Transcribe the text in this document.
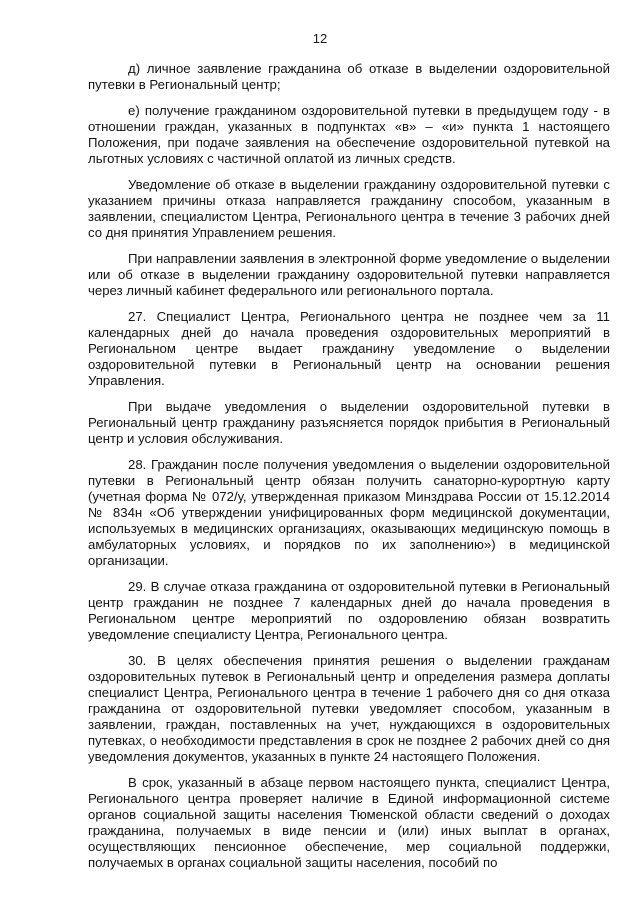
12

д) личное заявление гражданина об отказе в выделении оздоровительной путевки в Региональный центр;

е) получение гражданином оздоровительной путевки в предыдущем году - в отношении граждан, указанных в подпунктах «в» – «и» пункта 1 настоящего Положения, при подаче заявления на обеспечение оздоровительной путевкой на льготных условиях с частичной оплатой из личных средств.

Уведомление об отказе в выделении гражданину оздоровительной путевки с указанием причины отказа направляется гражданину способом, указанным в заявлении, специалистом Центра, Регионального центра в течение 3 рабочих дней со дня принятия Управлением решения.

При направлении заявления в электронной форме уведомление о выделении или об отказе в выделении гражданину оздоровительной путевки направляется через личный кабинет федерального или регионального портала.

27. Специалист Центра, Регионального центра не позднее чем за 11 календарных дней до начала проведения оздоровительных мероприятий в Региональном центре выдает гражданину уведомление о выделении оздоровительной путевки в Региональный центр на основании решения Управления.

При выдаче уведомления о выделении оздоровительной путевки в Региональный центр гражданину разъясняется порядок прибытия в Региональный центр и условия обслуживания.

28. Гражданин после получения уведомления о выделении оздоровительной путевки в Региональный центр обязан получить санаторно-курортную карту (учетная форма № 072/у, утвержденная приказом Минздрава России от 15.12.2014 № 834н «Об утверждении унифицированных форм медицинской документации, используемых в медицинских организациях, оказывающих медицинскую помощь в амбулаторных условиях, и порядков по их заполнению») в медицинской организации.

29. В случае отказа гражданина от оздоровительной путевки в Региональный центр гражданин не позднее 7 календарных дней до начала проведения в Региональном центре мероприятий по оздоровлению обязан возвратить уведомление специалисту Центра, Регионального центра.

30. В целях обеспечения принятия решения о выделении гражданам оздоровительных путевок в Региональный центр и определения размера доплаты специалист Центра, Регионального центра в течение 1 рабочего дня со дня отказа гражданина от оздоровительной путевки уведомляет способом, указанным в заявлении, граждан, поставленных на учет, нуждающихся в оздоровительных путевках, о необходимости представления в срок не позднее 2 рабочих дней со дня уведомления документов, указанных в пункте 24 настоящего Положения.

В срок, указанный в абзаце первом настоящего пункта, специалист Центра, Регионального центра проверяет наличие в Единой информационной системе органов социальной защиты населения Тюменской области сведений о доходах гражданина, получаемых в виде пенсии и (или) иных выплат в органах, осуществляющих пенсионное обеспечение, мер социальной поддержки, получаемых в органах социальной защиты населения, пособий по
